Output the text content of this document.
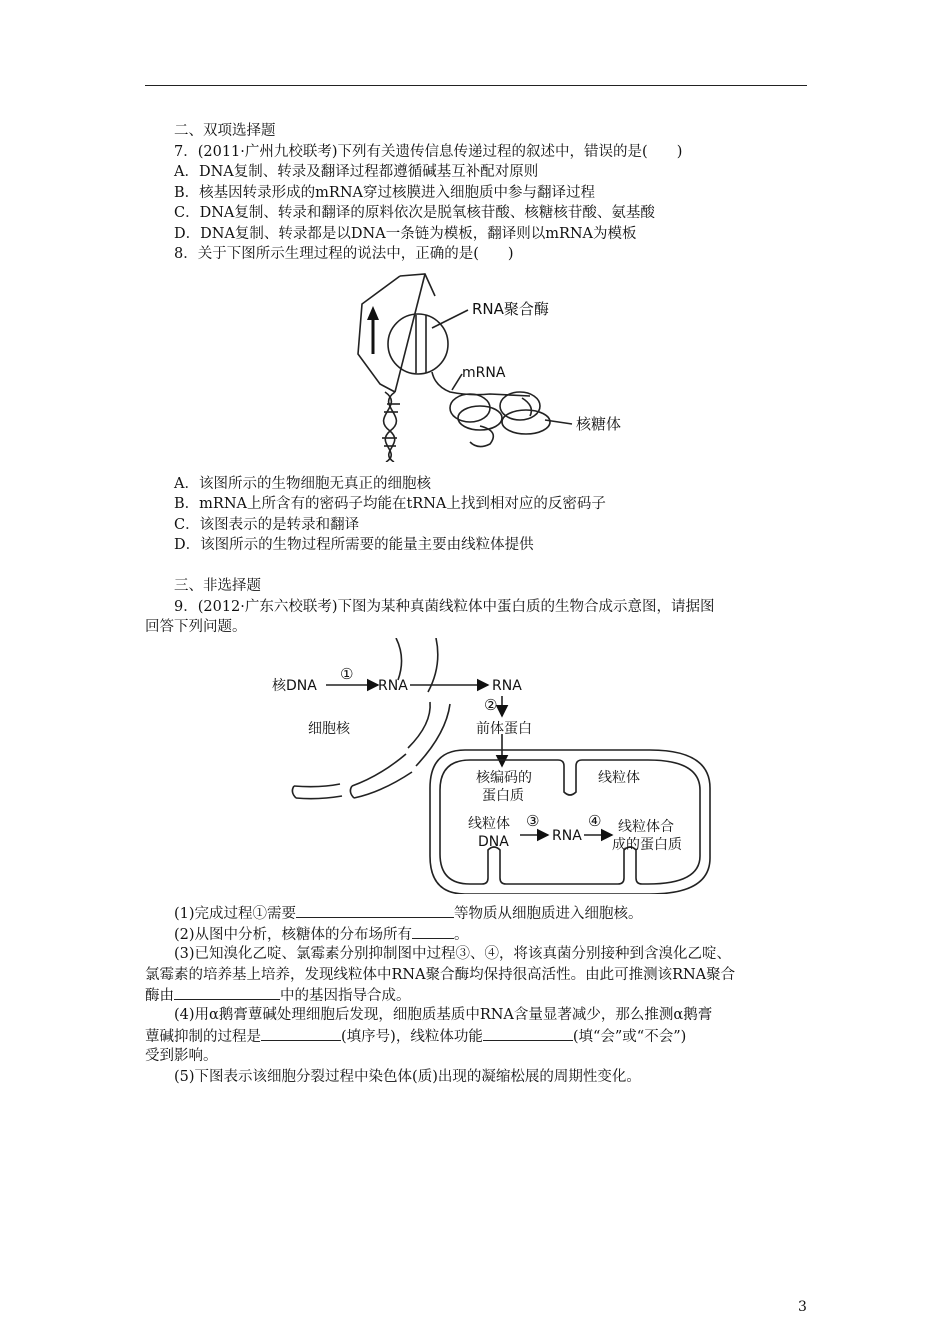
二、双项选择题
7．(2011·广州九校联考)下列有关遗传信息传递过程的叙述中，错误的是(　　)
A．DNA复制、转录及翻译过程都遵循碱基互补配对原则
B．核基因转录形成的mRNA穿过核膜进入细胞质中参与翻译过程
C．DNA复制、转录和翻译的原料依次是脱氧核苷酸、核糖核苷酸、氨基酸
D．DNA复制、转录都是以DNA一条链为模板，翻译则以mRNA为模板
8．关于下图所示生理过程的说法中，正确的是(　　)
RNA聚合酶
mRNA
核糖体
A．该图所示的生物细胞无真正的细胞核
B．mRNA上所含有的密码子均能在tRNA上找到相对应的反密码子
C．该图表示的是转录和翻译
D．该图所示的生物过程所需要的能量主要由线粒体提供
三、非选择题
9．(2012·广东六校联考)下图为某种真菌线粒体中蛋白质的生物合成示意图，请据图
回答下列问题。
核DNA
①
RNA	RNA
②
细胞核	前体蛋白
核编码的
蛋白质
线粒体
线粒体
DNA
③
RNA
④ 线粒体合
成的蛋白质
(1)完成过程①需要	等物质从细胞质进入细胞核。
(2)从图中分析，核糖体的分布场所有	。
(3)已知溴化乙啶、氯霉素分别抑制图中过程③、④，将该真菌分别接种到含溴化乙啶、
氯霉素的培养基上培养，发现线粒体中RNA聚合酶均保持很高活性。由此可推测该RNA聚合
酶由	中的基因指导合成。
(4)用α鹅膏蕈碱处理细胞后发现，细胞质基质中RNA含量显著减少，那么推测α鹅膏
蕈碱抑制的过程是	(填序号)，线粒体功能	(填“会”或“不会”)
受到影响。
(5)下图表示该细胞分裂过程中染色体(质)出现的凝缩松展的周期性变化。
3
